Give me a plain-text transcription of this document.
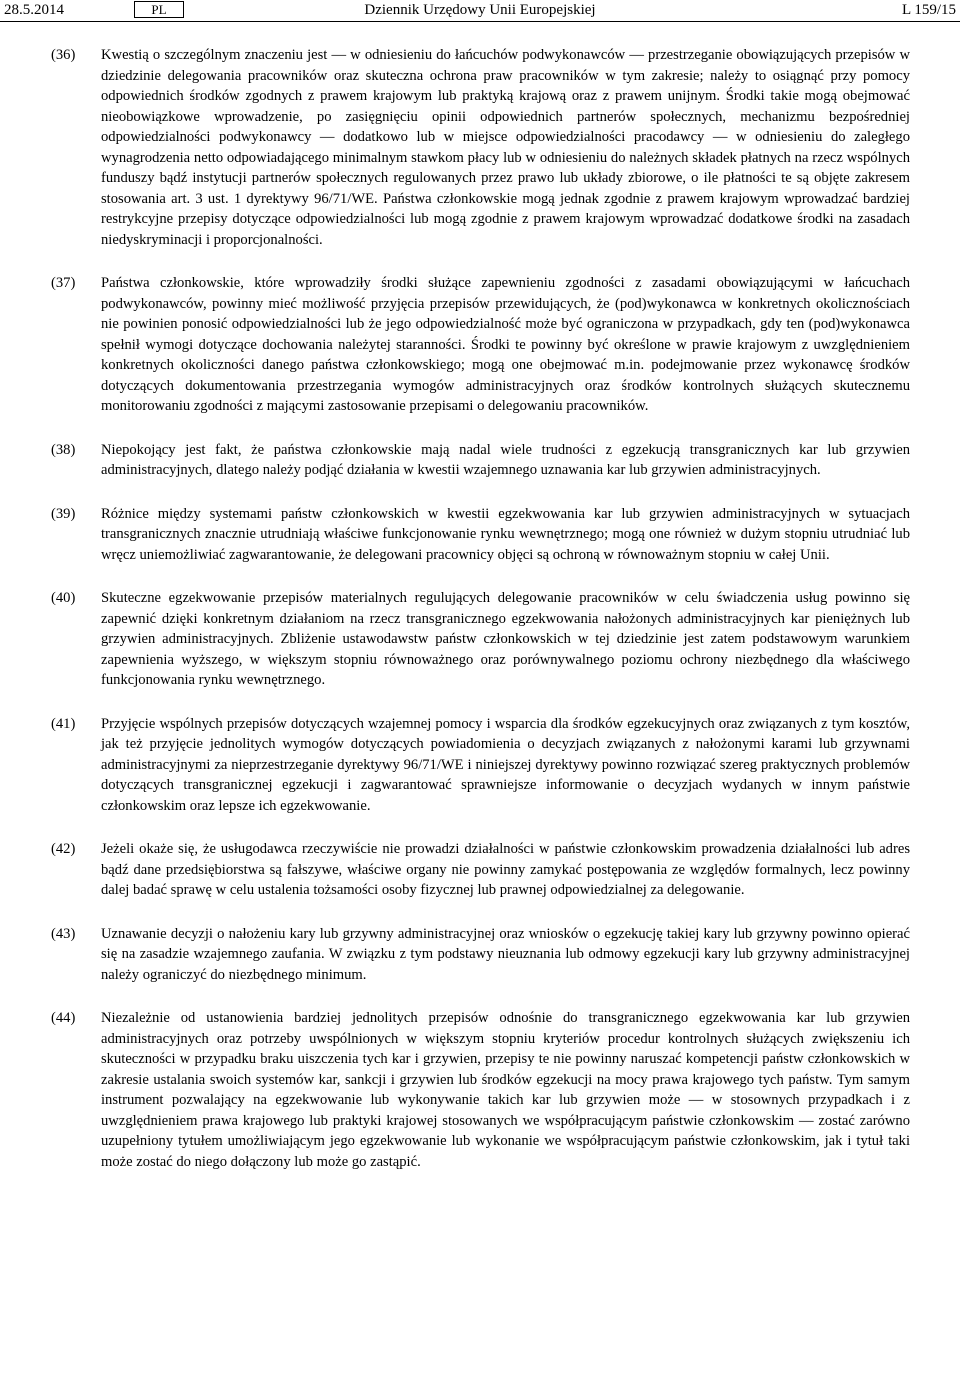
28.5.2014	PL	Dziennik Urzędowy Unii Europejskiej	L 159/15
(36) Kwestią o szczególnym znaczeniu jest — w odniesieniu do łańcuchów podwykonawców — przestrzeganie obowiązujących przepisów w dziedzinie delegowania pracowników oraz skuteczna ochrona praw pracowników w tym zakresie; należy to osiągnąć przy pomocy odpowiednich środków zgodnych z prawem krajowym lub praktyką krajową oraz z prawem unijnym. Środki takie mogą obejmować nieobowiązkowe wprowadzenie, po zasięgnięciu opinii odpowiednich partnerów społecznych, mechanizmu bezpośredniej odpowiedzialności podwykonawcy — dodatkowo lub w miejsce odpowiedzialności pracodawcy — w odniesieniu do zaległego wynagrodzenia netto odpowiadającego minimalnym stawkom płacy lub w odniesieniu do należnych składek płatnych na rzecz wspólnych funduszy bądź instytucji partnerów społecznych regulowanych przez prawo lub układy zbiorowe, o ile płatności te są objęte zakresem stosowania art. 3 ust. 1 dyrektywy 96/71/WE. Państwa członkowskie mogą jednak zgodnie z prawem krajowym wprowadzać bardziej restrykcyjne przepisy dotyczące odpowiedzialności lub mogą zgodnie z prawem krajowym wprowadzać dodatkowe środki na zasadach niedyskryminacji i proporcjonalności.
(37) Państwa członkowskie, które wprowadziły środki służące zapewnieniu zgodności z zasadami obowiązującymi w łańcuchach podwykonawców, powinny mieć możliwość przyjęcia przepisów przewidujących, że (pod)wykonawca w konkretnych okolicznościach nie powinien ponosić odpowiedzialności lub że jego odpowiedzialność może być ograniczona w przypadkach, gdy ten (pod)wykonawca spełnił wymogi dotyczące dochowania należytej staranności. Środki te powinny być określone w prawie krajowym z uwzględnieniem konkretnych okoliczności danego państwa członkowskiego; mogą one obejmować m.in. podejmowanie przez wykonawcę środków dotyczących dokumentowania przestrzegania wymogów administracyjnych oraz środków kontrolnych służących skutecznemu monitorowaniu zgodności z mającymi zastosowanie przepisami o delegowaniu pracowników.
(38) Niepokojący jest fakt, że państwa członkowskie mają nadal wiele trudności z egzekucją transgranicznych kar lub grzywien administracyjnych, dlatego należy podjąć działania w kwestii wzajemnego uznawania kar lub grzywien administracyjnych.
(39) Różnice między systemami państw członkowskich w kwestii egzekwowania kar lub grzywien administracyjnych w sytuacjach transgranicznych znacznie utrudniają właściwe funkcjonowanie rynku wewnętrznego; mogą one również w dużym stopniu utrudniać lub wręcz uniemożliwiać zagwarantowanie, że delegowani pracownicy objęci są ochroną w równoważnym stopniu w całej Unii.
(40) Skuteczne egzekwowanie przepisów materialnych regulujących delegowanie pracowników w celu świadczenia usług powinno się zapewnić dzięki konkretnym działaniom na rzecz transgranicznego egzekwowania nałożonych administracyjnych kar pieniężnych lub grzywien administracyjnych. Zbliżenie ustawodawstw państw członkowskich w tej dziedzinie jest zatem podstawowym warunkiem zapewnienia wyższego, w większym stopniu równoważnego oraz porównywalnego poziomu ochrony niezbędnego dla właściwego funkcjonowania rynku wewnętrznego.
(41) Przyjęcie wspólnych przepisów dotyczących wzajemnej pomocy i wsparcia dla środków egzekucyjnych oraz związanych z tym kosztów, jak też przyjęcie jednolitych wymogów dotyczących powiadomienia o decyzjach związanych z nałożonymi karami lub grzywnami administracyjnymi za nieprzestrzeganie dyrektywy 96/71/WE i niniejszej dyrektywy powinno rozwiązać szereg praktycznych problemów dotyczących transgranicznej egzekucji i zagwarantować sprawniejsze informowanie o decyzjach wydanych w innym państwie członkowskim oraz lepsze ich egzekwowanie.
(42) Jeżeli okaże się, że usługodawca rzeczywiście nie prowadzi działalności w państwie członkowskim prowadzenia działalności lub adres bądź dane przedsiębiorstwa są fałszywe, właściwe organy nie powinny zamykać postępowania ze względów formalnych, lecz powinny dalej badać sprawę w celu ustalenia tożsamości osoby fizycznej lub prawnej odpowiedzialnej za delegowanie.
(43) Uznawanie decyzji o nałożeniu kary lub grzywny administracyjnej oraz wniosków o egzekucję takiej kary lub grzywny powinno opierać się na zasadzie wzajemnego zaufania. W związku z tym podstawy nieuznania lub odmowy egzekucji kary lub grzywny administracyjnej należy ograniczyć do niezbędnego minimum.
(44) Niezależnie od ustanowienia bardziej jednolitych przepisów odnośnie do transgranicznego egzekwowania kar lub grzywien administracyjnych oraz potrzeby uwspólnionych w większym stopniu kryteriów procedur kontrolnych służących zwiększeniu ich skuteczności w przypadku braku uiszczenia tych kar i grzywien, przepisy te nie powinny naruszać kompetencji państw członkowskich w zakresie ustalania swoich systemów kar, sankcji i grzywien lub środków egzekucji na mocy prawa krajowego tych państw. Tym samym instrument pozwalający na egzekwowanie lub wykonywanie takich kar lub grzywien może — w stosownych przypadkach i z uwzględnieniem prawa krajowego lub praktyki krajowej stosowanych we współpracującym państwie członkowskim — zostać zarówno uzupełniony tytułem umożliwiającym jego egzekwowanie lub wykonanie we współpracującym państwie członkowskim, jak i tytuł taki może zostać do niego dołączony lub może go zastąpić.
